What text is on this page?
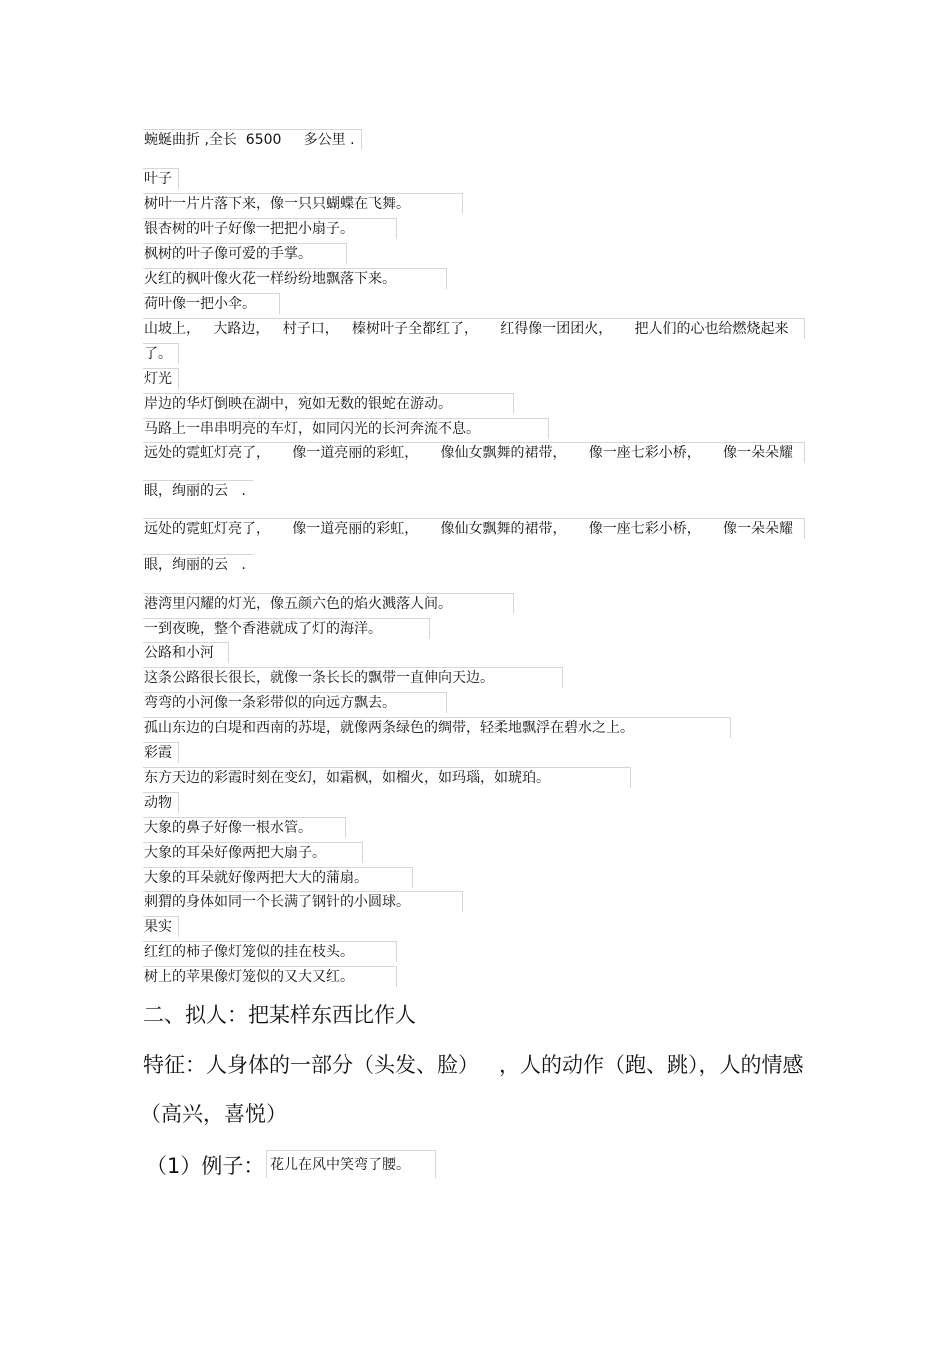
蜿蜒曲折 ,全长  6500     多公里 .
叶子
树叶一片片落下来，像一只只蝴蝶在飞舞。
银杏树的叶子好像一把把小扇子。
枫树的叶子像可爱的手掌。
火红的枫叶像火花一样纷纷地飘落下来。
荷叶像一把小伞。
山坡上，   大路边，   村子口，   榛树叶子全都红了，     红得像一团团火，     把人们的心也给燃烧起来
了。
灯光
岸边的华灯倒映在湖中，宛如无数的银蛇在游动。
马路上一串串明亮的车灯，如同闪光的长河奔流不息。
远处的霓虹灯亮了，     像一道亮丽的彩虹，     像仙女飘舞的裙带，     像一座七彩小桥，     像一朵朵耀
眼，绚丽的云   .
远处的霓虹灯亮了，     像一道亮丽的彩虹，     像仙女飘舞的裙带，     像一座七彩小桥，     像一朵朵耀
眼，绚丽的云   .
港湾里闪耀的灯光，像五颜六色的焰火溅落人间。
一到夜晚，整个香港就成了灯的海洋。
公路和小河
这条公路很长很长，就像一条长长的飘带一直伸向天边。
弯弯的小河像一条彩带似的向远方飘去。
孤山东边的白堤和西南的苏堤，就像两条绿色的绸带，轻柔地飘浮在碧水之上。
彩霞
东方天边的彩霞时刻在变幻，如霜枫，如榴火，如玛瑙，如琥珀。
动物
大象的鼻子好像一根水管。
大象的耳朵好像两把大扇子。
大象的耳朵就好像两把大大的蒲扇。
刺猬的身体如同一个长满了钢针的小圆球。
果实
红红的柿子像灯笼似的挂在枝头。
树上的苹果像灯笼似的又大又红。
二、拟人：把某样东西比作人
特征：人身体的一部分（头发、脸）   ，人的动作（跑、跳），人的情感
（高兴，喜悦）
（1）例子： 花儿在风中笑弯了腰。
